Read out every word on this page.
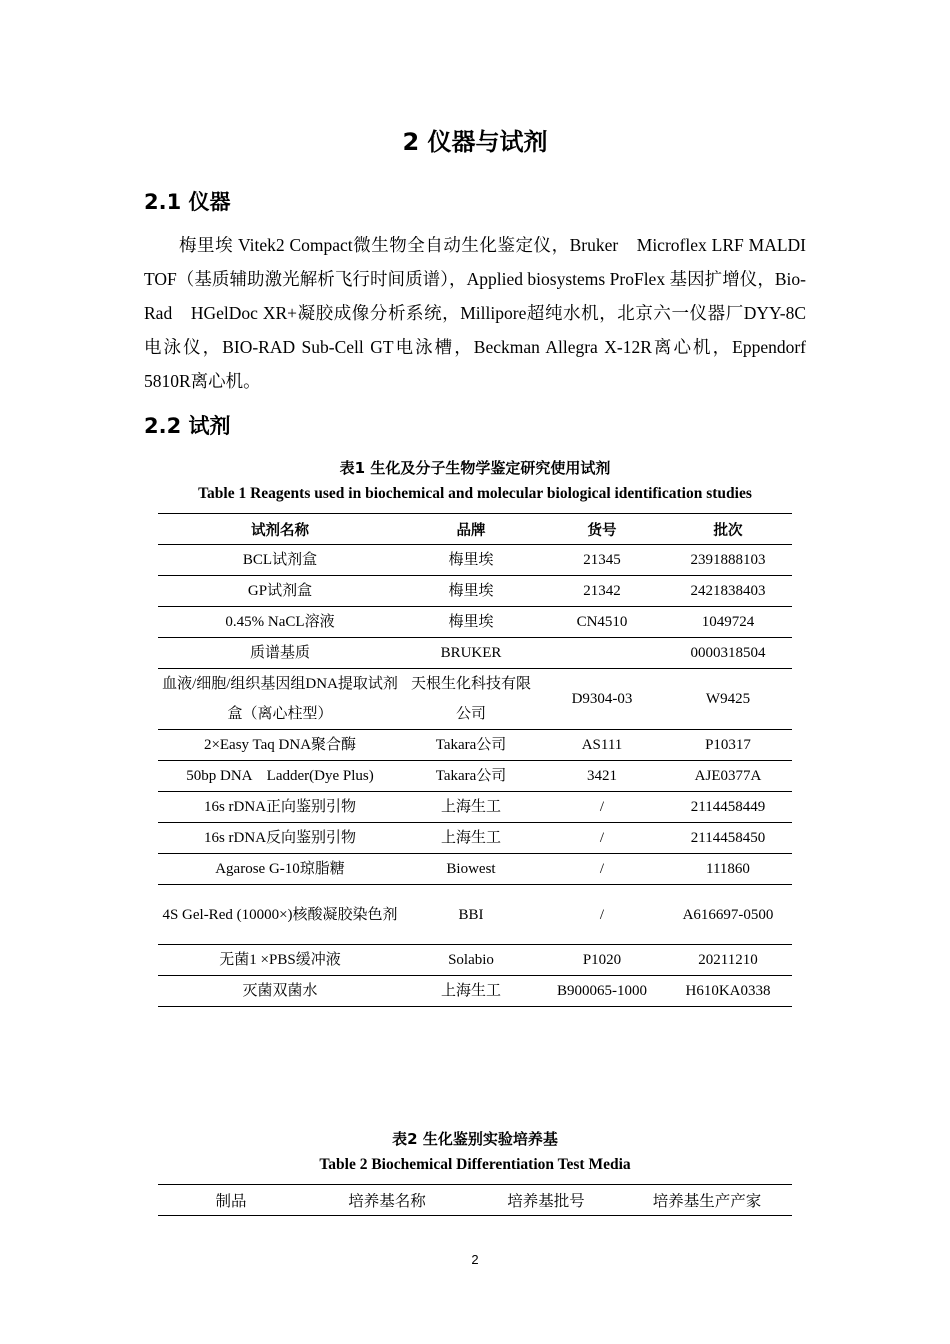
2 仪器与试剂
2.1 仪器
梅里埃 Vitek2 Compact微生物全自动生化鉴定仪，Bruker　Microflex LRF MALDI TOF（基质辅助激光解析飞行时间质谱），Applied biosystems ProFlex 基因扩增仪，Bio-Rad　HGelDoc XR+凝胶成像分析系统，Millipore超纯水机，北京六一仪器厂DYY-8C电泳仪，BIO-RAD Sub-Cell GT电泳槽，Beckman Allegra X-12R离心机，Eppendorf　5810R离心机。
2.2 试剂
表1 生化及分子生物学鉴定研究使用试剂
Table 1 Reagents used in biochemical and molecular biological identification studies
试剂名称	品牌	货号	批次
BCL试剂盒	梅里埃	21345	2391888103
GP试剂盒	梅里埃	21342	2421838403
0.45% NaCL溶液	梅里埃	CN4510	1049724
质谱基质	BRUKER		0000318504
血液/细胞/组织基因组DNA提取试剂盒（离心柱型）	天根生化科技有限公司	D9304-03	W9425
2×Easy Taq DNA聚合酶	Takara公司	AS111	P10317
50bp DNA　Ladder(Dye Plus)	Takara公司	3421	AJE0377A
16s rDNA正向鉴别引物	上海生工	/	2114458449
16s rDNA反向鉴别引物	上海生工	/	2114458450
Agarose G-10琼脂糖	Biowest	/	111860
4S Gel-Red (10000×)核酸凝胶染色剂	BBI	/	A616697-0500
无菌1 ×PBS缓冲液	Solabio	P1020	20211210
灭菌双菌水	上海生工	B900065-1000	H610KA0338
表2 生化鉴别实验培养基
Table 2 Biochemical Differentiation Test Media
制品	培养基名称	培养基批号	培养基生产产家
2
